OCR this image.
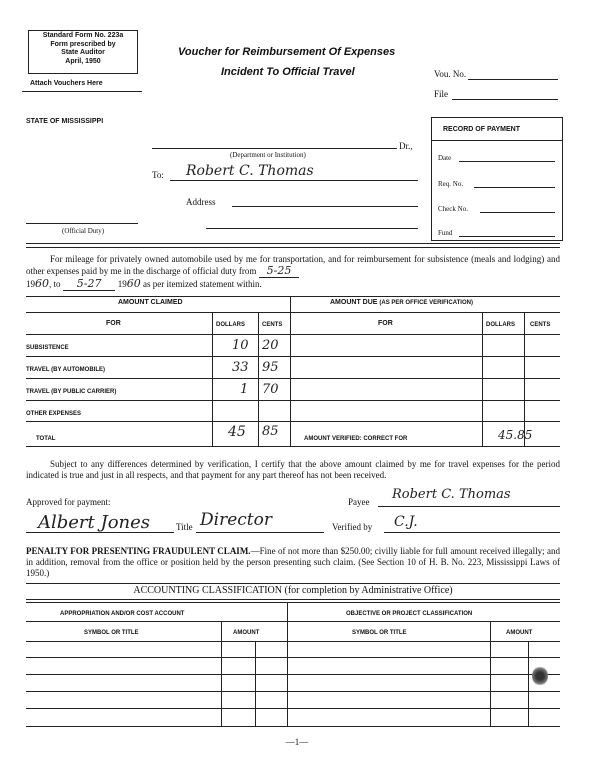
Standard Form No. 223a
Form prescribed by
State Auditor
April, 1950
Attach Vouchers Here
Voucher for Reimbursement Of Expenses
Incident To Official Travel	Vou. No.
File
STATE OF MISSISSIPPI
Dr.,
(Department or Institution)
To: Robert C. Thomas
Address
(Official Duty)
RECORD OF PAYMENT
Date
Req. No.
Check No.
Fund
For mileage for privately owned automobile used by me for transportation, and for reimbursement for subsistence (meals and lodging) and other expenses paid by me in the discharge of official duty from 5-25
1960, to 5-27 1960 as per itemized statement within.
AMOUNT CLAIMED	AMOUNT DUE (AS PER OFFICE VERIFICATION)
FOR	DOLLARS	CENTS	FOR	DOLLARS	CENTS
SUBSISTENCE	10 20
TRAVEL (BY AUTOMOBILE)	33 95
TRAVEL (BY PUBLIC CARRIER)	1 70
OTHER EXPENSES
TOTAL	45 85	AMOUNT VERIFIED: CORRECT FOR	45.85
Subject to any differences determined by verification, I certify that the above amount claimed by me for travel expenses for the period indicated is true and just in all respects, and that payment for any part thereof has not been received.
Approved for payment:	Payee Robert C. Thomas
Albert Jones	Title Director	Verified by C.J.
PENALTY FOR PRESENTING FRAUDULENT CLAIM.—Fine of not more than $250.00; civilly liable for full amount received illegally; and in addition, removal from the office or position held by the person presenting such claim. (See Section 10 of H. B. No. 223, Mississippi Laws of 1950.)
ACCOUNTING CLASSIFICATION (for completion by Administrative Office)
APPROPRIATION AND/OR COST ACCOUNT	OBJECTIVE OR PROJECT CLASSIFICATION
SYMBOL OR TITLE	AMOUNT	SYMBOL OR TITLE	AMOUNT
—1—
